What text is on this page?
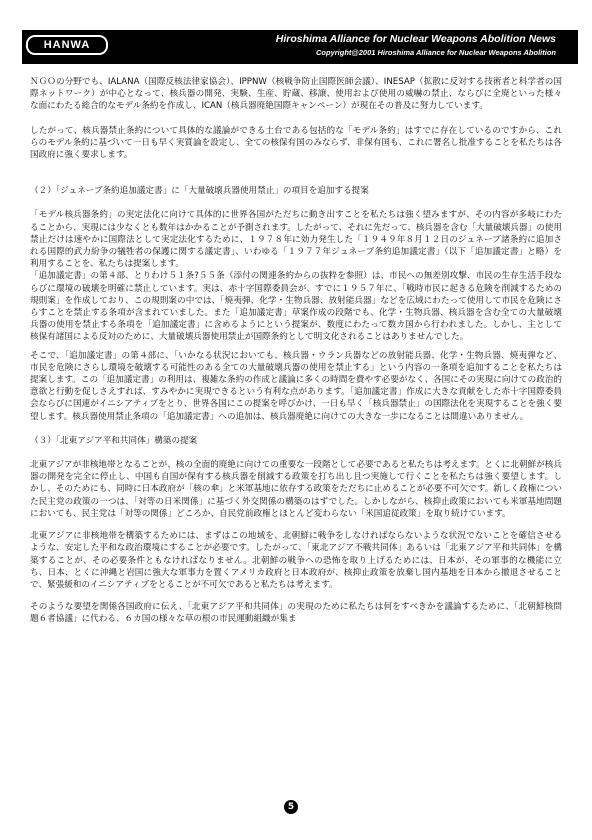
HANWA	Hiroshima Alliance for Nuclear Weapons Abolition News
Copyright@2001 Hiroshima Alliance for Nuclear Weapons Abolition

ＮＧＯの分野でも、IALANA（国際反核法律家協会）、IPPNW（核戦争防止国際医師会議）、INESAP（拡散に反対する技術者と科学者の国際ネットワーク）が中心となって、核兵器の開発、実験、生産、貯蔵、移譲、使用および使用の威嚇の禁止、ならびに全廃といった様々な面にわたる総合的なモデル条約を作成し、ICAN（核兵器廃絶国際キャンペーン）が現在その普及に努力しています。

したがって、核兵器禁止条約について具体的な議論ができる土台である包括的な「モデル条約」はすでに存在しているのですから、これらのモデル条約に基づいて一日も早く実質論を設定し、全ての核保有国のみならず、非保有国も、これに署名し批准することを私たちは各国政府に強く要求します。

（２）「ジュネーブ条約追加議定書」に「大量破壊兵器使用禁止」の項目を追加する提案

「モデル核兵器条約」の実定法化に向けて具体的に世界各国がただちに動き出すことを私たちは強く望みますが、その内容が多岐にわたることから、実現には少なくとも数年はかかることが予測されます。したがって、それに先だって、核兵器を含む「大量破壊兵器」の使用禁止だけは速やかに国際法として実定法化するために、１９７８年に効力発生した「１９４９年８月１２日のジュネーブ諸条約に追加される国際的武力紛争の犠牲者の保護に関する議定書」、いわゆる「１９７７年ジュネーブ条約追加議定書」（以下「追加議定書」と略）を利用することを、私たちは提案します。

「追加議定書」の第４部、とりわけ５１条?５５条（添付の関連条約からの抜粋を参照）は、市民への無差別攻撃、市民の生存生活手段ならびに環境の破壊を明確に禁止しています。実は、赤十字国際委員会が、すでに１９５７年に、「戦時市民に起きる危険を削減するための規則案」を作成しており、この規則案の中では、「焼夷弾、化学・生物兵器、放射能兵器」などを広域にわたって使用して市民を危険にさらすことを禁止する条項が含まれていました。また「追加議定書」草案作成の段階でも、化学・生物兵器、核兵器を含む全ての大量破壊兵器の使用を禁止する条項を「追加議定書」に含めるようにという提案が、数度にわたって数カ国から行われました。しかし、主として核保有諸国による反対のために、大量破壊兵器使用禁止が国際条約として明文化されることはありませんでした。

そこで、「追加議定書」の第４部に、「いかなる状況においても、核兵器・ウラン兵器などの放射能兵器、化学・生物兵器、焼夷弾など、市民を危険にさらし環境を破壊する可能性のある全ての大量破壊兵器の使用を禁止する」という内容の一条項を追加することを私たちは提案します。この「追加議定書」の利用は、複雑な条約の作成と議論に多くの時間を費やす必要がなく、各国にその実現に向けての政治的意欲と行動を促しさえすれば、すみやかに実現できるという有利な点があります。「追加議定書」作成に大きな貢献をした赤十字国際委員会ならびに国連がイニシアティブをとり、世界各国にこの提案を呼びかけ、一日も早く「核兵器禁止」の国際法化を実現することを強く要望します。核兵器使用禁止条項の「追加議定書」への追加は、核兵器廃絶に向けての大きな一歩になることは間違いありません。

（３）「北東アジア平和共同体」構築の提案

北東アジアが非核地帯となることが、核の全面的廃絶に向けての重要な一段階として必要であると私たちは考えます。とくに北朝鮮が核兵器の開発を完全に停止し、中国も自国が保有する核兵器を削減する政策を打ち出し且つ実施して行くことを私たちは強く要望します。しかし、そのためにも、同時に日本政府が「核の傘」と米軍基地に依存する政策をただちに止めることが必要不可欠です。新しく政権についた民主党の政策の一つは、「対等の日米関係」に基づく外交関係の構築のはずでした。しかしながら、核抑止政策においても米軍基地問題においても、民主党は「対等の関係」どころか、自民党前政権とほとんど変わらない「米国追従政策」を取り続けています。

北東アジアに非核地帯を構築するためには、まずはこの地域を、北朝鮮に戦争をしなければならないような状況でないことを確信させるような、安定した平和な政治環境にすることが必要です。したがって、「東北アジア不戦共同体」あるいは「北東アジア平和共同体」を構築することが、その必要条件ともなければなりません。北朝鮮の戦争への恐怖を取り上げるためには、日本が、その軍事的な機能に立ち、日本、とくに沖縄と岩国に強大な軍事力を置くアメリカ政府と日本政府が、核抑止政策を放棄し国内基地を日本から撤退させることで、緊張緩和のイニシアティブをとることが不可欠であると私たちは考えます。

そのような要望を関係各国政府に伝え、「北東アジア平和共同体」の実現のために私たちは何をすべきかを議論するために、「北朝鮮核問題６者協議」に代わる、６カ国の様々な草の根の市民運動組織が集ま

5
